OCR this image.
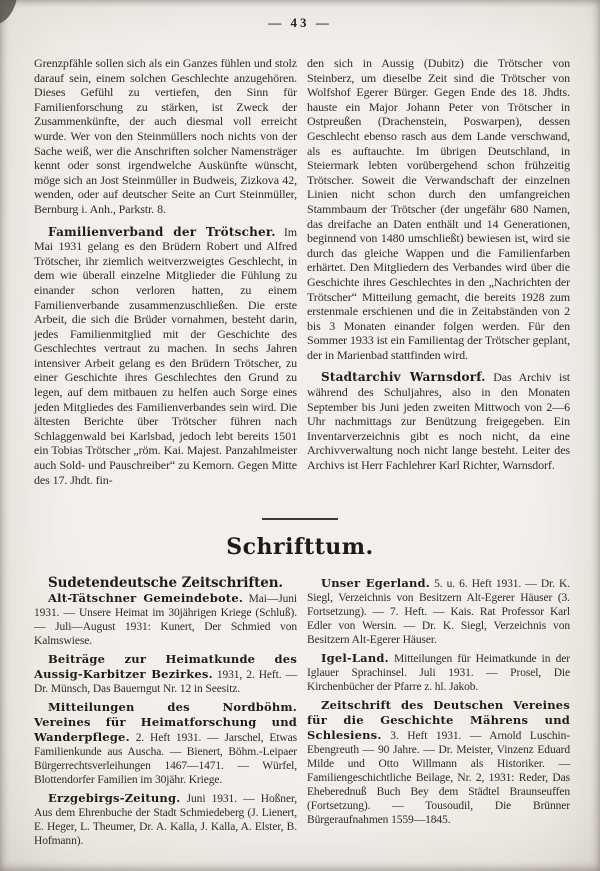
— 43 —

Grenzpfähle sollen sich als ein Ganzes fühlen und stolz darauf sein, einem solchen Geschlechte anzugehören. Dieses Gefühl zu vertiefen, den Sinn für Familienforschung zu stärken, ist Zweck der Zusammenkünfte, der auch diesmal voll erreicht wurde. Wer von den Steinmüllers noch nichts von der Sache weiß, wer die Anschriften solcher Namensträger kennt oder sonst irgendwelche Auskünfte wünscht, möge sich an Jost Steinmüller in Budweis, Zizkova 42, wenden, oder auf deutscher Seite an Curt Steinmüller, Bernburg i. Anh., Parkstr. 8.

Familienverband der Trötscher. Im Mai 1931 gelang es den Brüdern Robert und Alfred Trötscher, ihr ziemlich weitverzweigtes Geschlecht, in dem wie überall einzelne Mitglieder die Fühlung zu einander schon verloren hatten, zu einem Familienverbande zusammenzuschließen. Die erste Arbeit, die sich die Brüder vornahmen, besteht darin, jedes Familienmitglied mit der Geschichte des Geschlechtes vertraut zu machen. In sechs Jahren intensiver Arbeit gelang es den Brüdern Trötscher, zu einer Geschichte ihres Geschlechtes den Grund zu legen, auf dem mitbauen zu helfen auch Sorge eines jeden Mitgliedes des Familienverbandes sein wird. Die ältesten Berichte über Trötscher führen nach Schlaggenwald bei Karlsbad, jedoch lebt bereits 1501 ein Tobias Trötscher „röm. Kai. Majest. Panzahlmeister auch Sold- und Pauschreiber“ zu Kemorn. Gegen Mitte des 17. Jhdt. fin-

den sich in Aussig (Dubitz) die Trötscher von Steinberz, um dieselbe Zeit sind die Trötscher von Wolfshof Egerer Bürger. Gegen Ende des 18. Jhdts. hauste ein Major Johann Peter von Trötscher in Ostpreußen (Drachenstein, Poswarpen), dessen Geschlecht ebenso rasch aus dem Lande verschwand, als es auftauchte. Im übrigen Deutschland, in Steiermark lebten vorübergehend schon frühzeitig Trötscher. Soweit die Verwandschaft der einzelnen Linien nicht schon durch den umfangreichen Stammbaum der Trötscher (der ungefähr 680 Namen, das dreifache an Daten enthält und 14 Generationen, beginnend von 1480 umschließt) bewiesen ist, wird sie durch das gleiche Wappen und die Familienfarben erhärtet. Den Mitgliedern des Verbandes wird über die Geschichte ihres Geschlechtes in den „Nachrichten der Trötscher“ Mitteilung gemacht, die bereits 1928 zum erstenmale erschienen und die in Zeitabständen von 2 bis 3 Monaten einander folgen werden. Für den Sommer 1933 ist ein Familientag der Trötscher geplant, der in Marienbad stattfinden wird.

Stadtarchiv Warnsdorf. Das Archiv ist während des Schuljahres, also in den Monaten September bis Juni jeden zweiten Mittwoch von 2—6 Uhr nachmittags zur Benützung freigegeben. Ein Inventarverzeichnis gibt es noch nicht, da eine Archivverwaltung noch nicht lange besteht. Leiter des Archivs ist Herr Fachlehrer Karl Richter, Warnsdorf.

Schrifttum.

Sudetendeutsche Zeitschriften.

Alt-Tätschner Gemeindebote. Mai—Juni 1931. — Unsere Heimat im 30jährigen Kriege (Schluß). — Juli—August 1931: Kunert, Der Schmied von Kalmswiese.

Beiträge zur Heimatkunde des Aussig-Karbitzer Bezirkes. 1931, 2. Heft. — Dr. Münsch, Das Bauerngut Nr. 12 in Seesitz.

Mitteilungen des Nordböhm. Vereines für Heimatforschung und Wanderpflege. 2. Heft 1931. — Jarschel, Etwas Familienkunde aus Auscha. — Bienert, Böhm.-Leipaer Bürgerrechtsverleihungen 1467—1471. — Würfel, Blottendorfer Familien im 30jähr. Kriege.

Erzgebirgs-Zeitung. Juni 1931. — Hoßner, Aus dem Ehrenbuche der Stadt Schmiedeberg (J. Lienert, E. Heger, L. Theumer, Dr. A. Kalla, J. Kalla, A. Elster, B. Hofmann).

Unser Egerland. 5. u. 6. Heft 1931. — Dr. K. Siegl, Verzeichnis von Besitzern Alt-Egerer Häuser (3. Fortsetzung). — 7. Heft. — Kais. Rat Professor Karl Edler von Wersin. — Dr. K. Siegl, Verzeichnis von Besitzern Alt-Egerer Häuser.

Igel-Land. Mitteilungen für Heimatkunde in der Iglauer Sprachinsel. Juli 1931. — Prosel, Die Kirchenbücher der Pfarre z. hl. Jakob.

Zeitschrift des Deutschen Vereines für die Geschichte Mährens und Schlesiens. 3. Heft 1931. — Arnold Luschin-Ebengreuth — 90 Jahre. — Dr. Meister, Vinzenz Eduard Milde und Otto Willmann als Historiker. — Familiengeschichtliche Beilage, Nr. 2, 1931: Reder, Das Eheberednuß Buch Bey dem Städtel Braunseuffen (Fortsetzung). — Tousoudil, Die Brünner Bürgeraufnahmen 1559—1845.
